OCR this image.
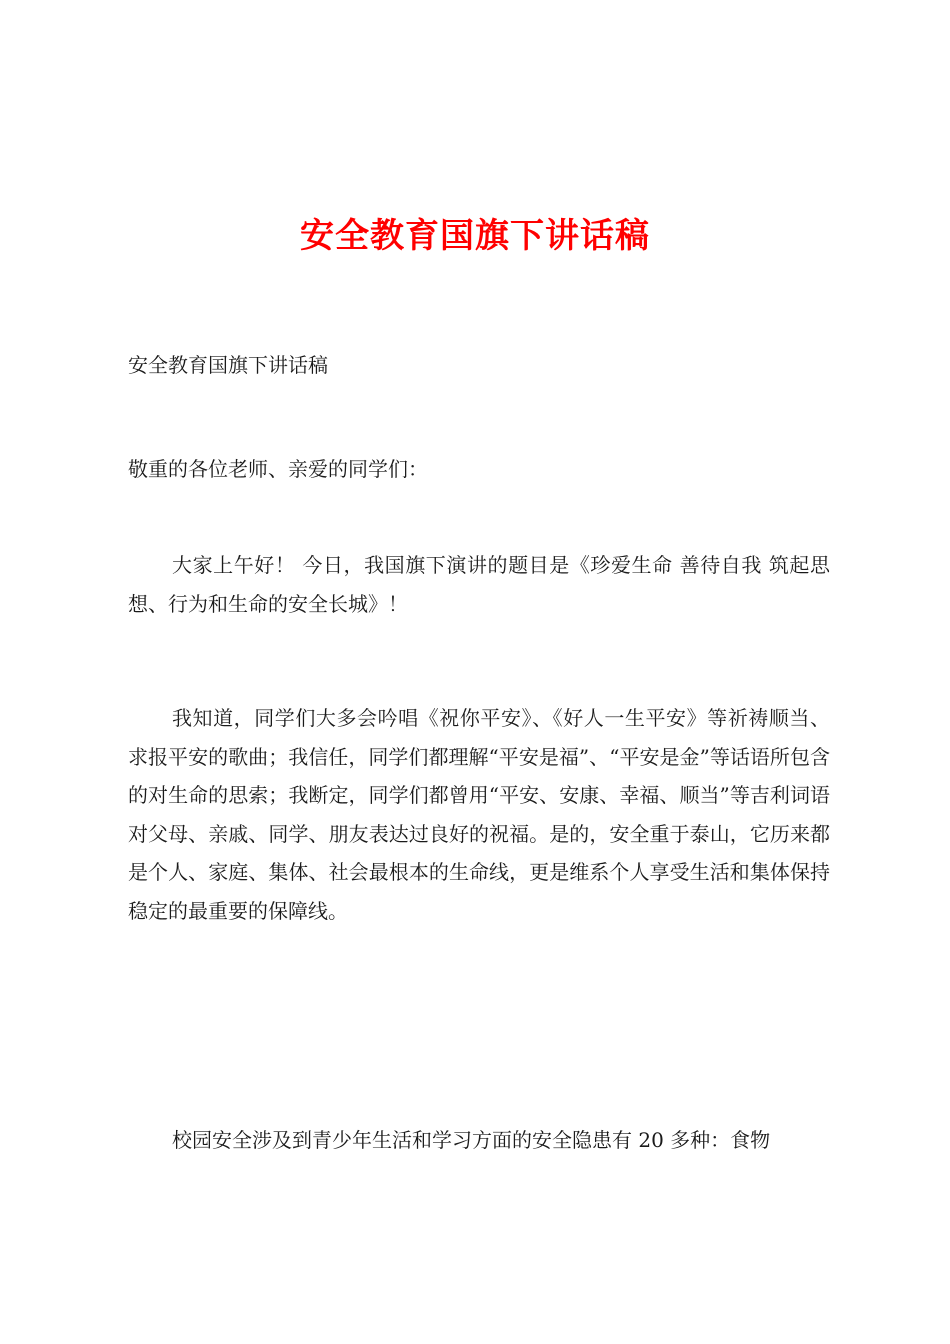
安全教育国旗下讲话稿

安全教育国旗下讲话稿

敬重的各位老师、亲爱的同学们：

大家上午好！ 今日，我国旗下演讲的题目是《珍爱生命 善待自我 筑起思想、行为和生命的安全长城》！

我知道，同学们大多会吟唱《祝你平安》、《好人一生平安》等祈祷顺当、求报平安的歌曲；我信任，同学们都理解“平安是福”、“平安是金”等话语所包含的对生命的思索；我断定，同学们都曾用“平安、安康、幸福、顺当”等吉利词语对父母、亲戚、同学、朋友表达过良好的祝福。是的，安全重于泰山，它历来都是个人、家庭、集体、社会最根本的生命线，更是维系个人享受生活和集体保持稳定的最重要的保障线。

校园安全涉及到青少年生活和学习方面的安全隐患有 20 多种：食物
